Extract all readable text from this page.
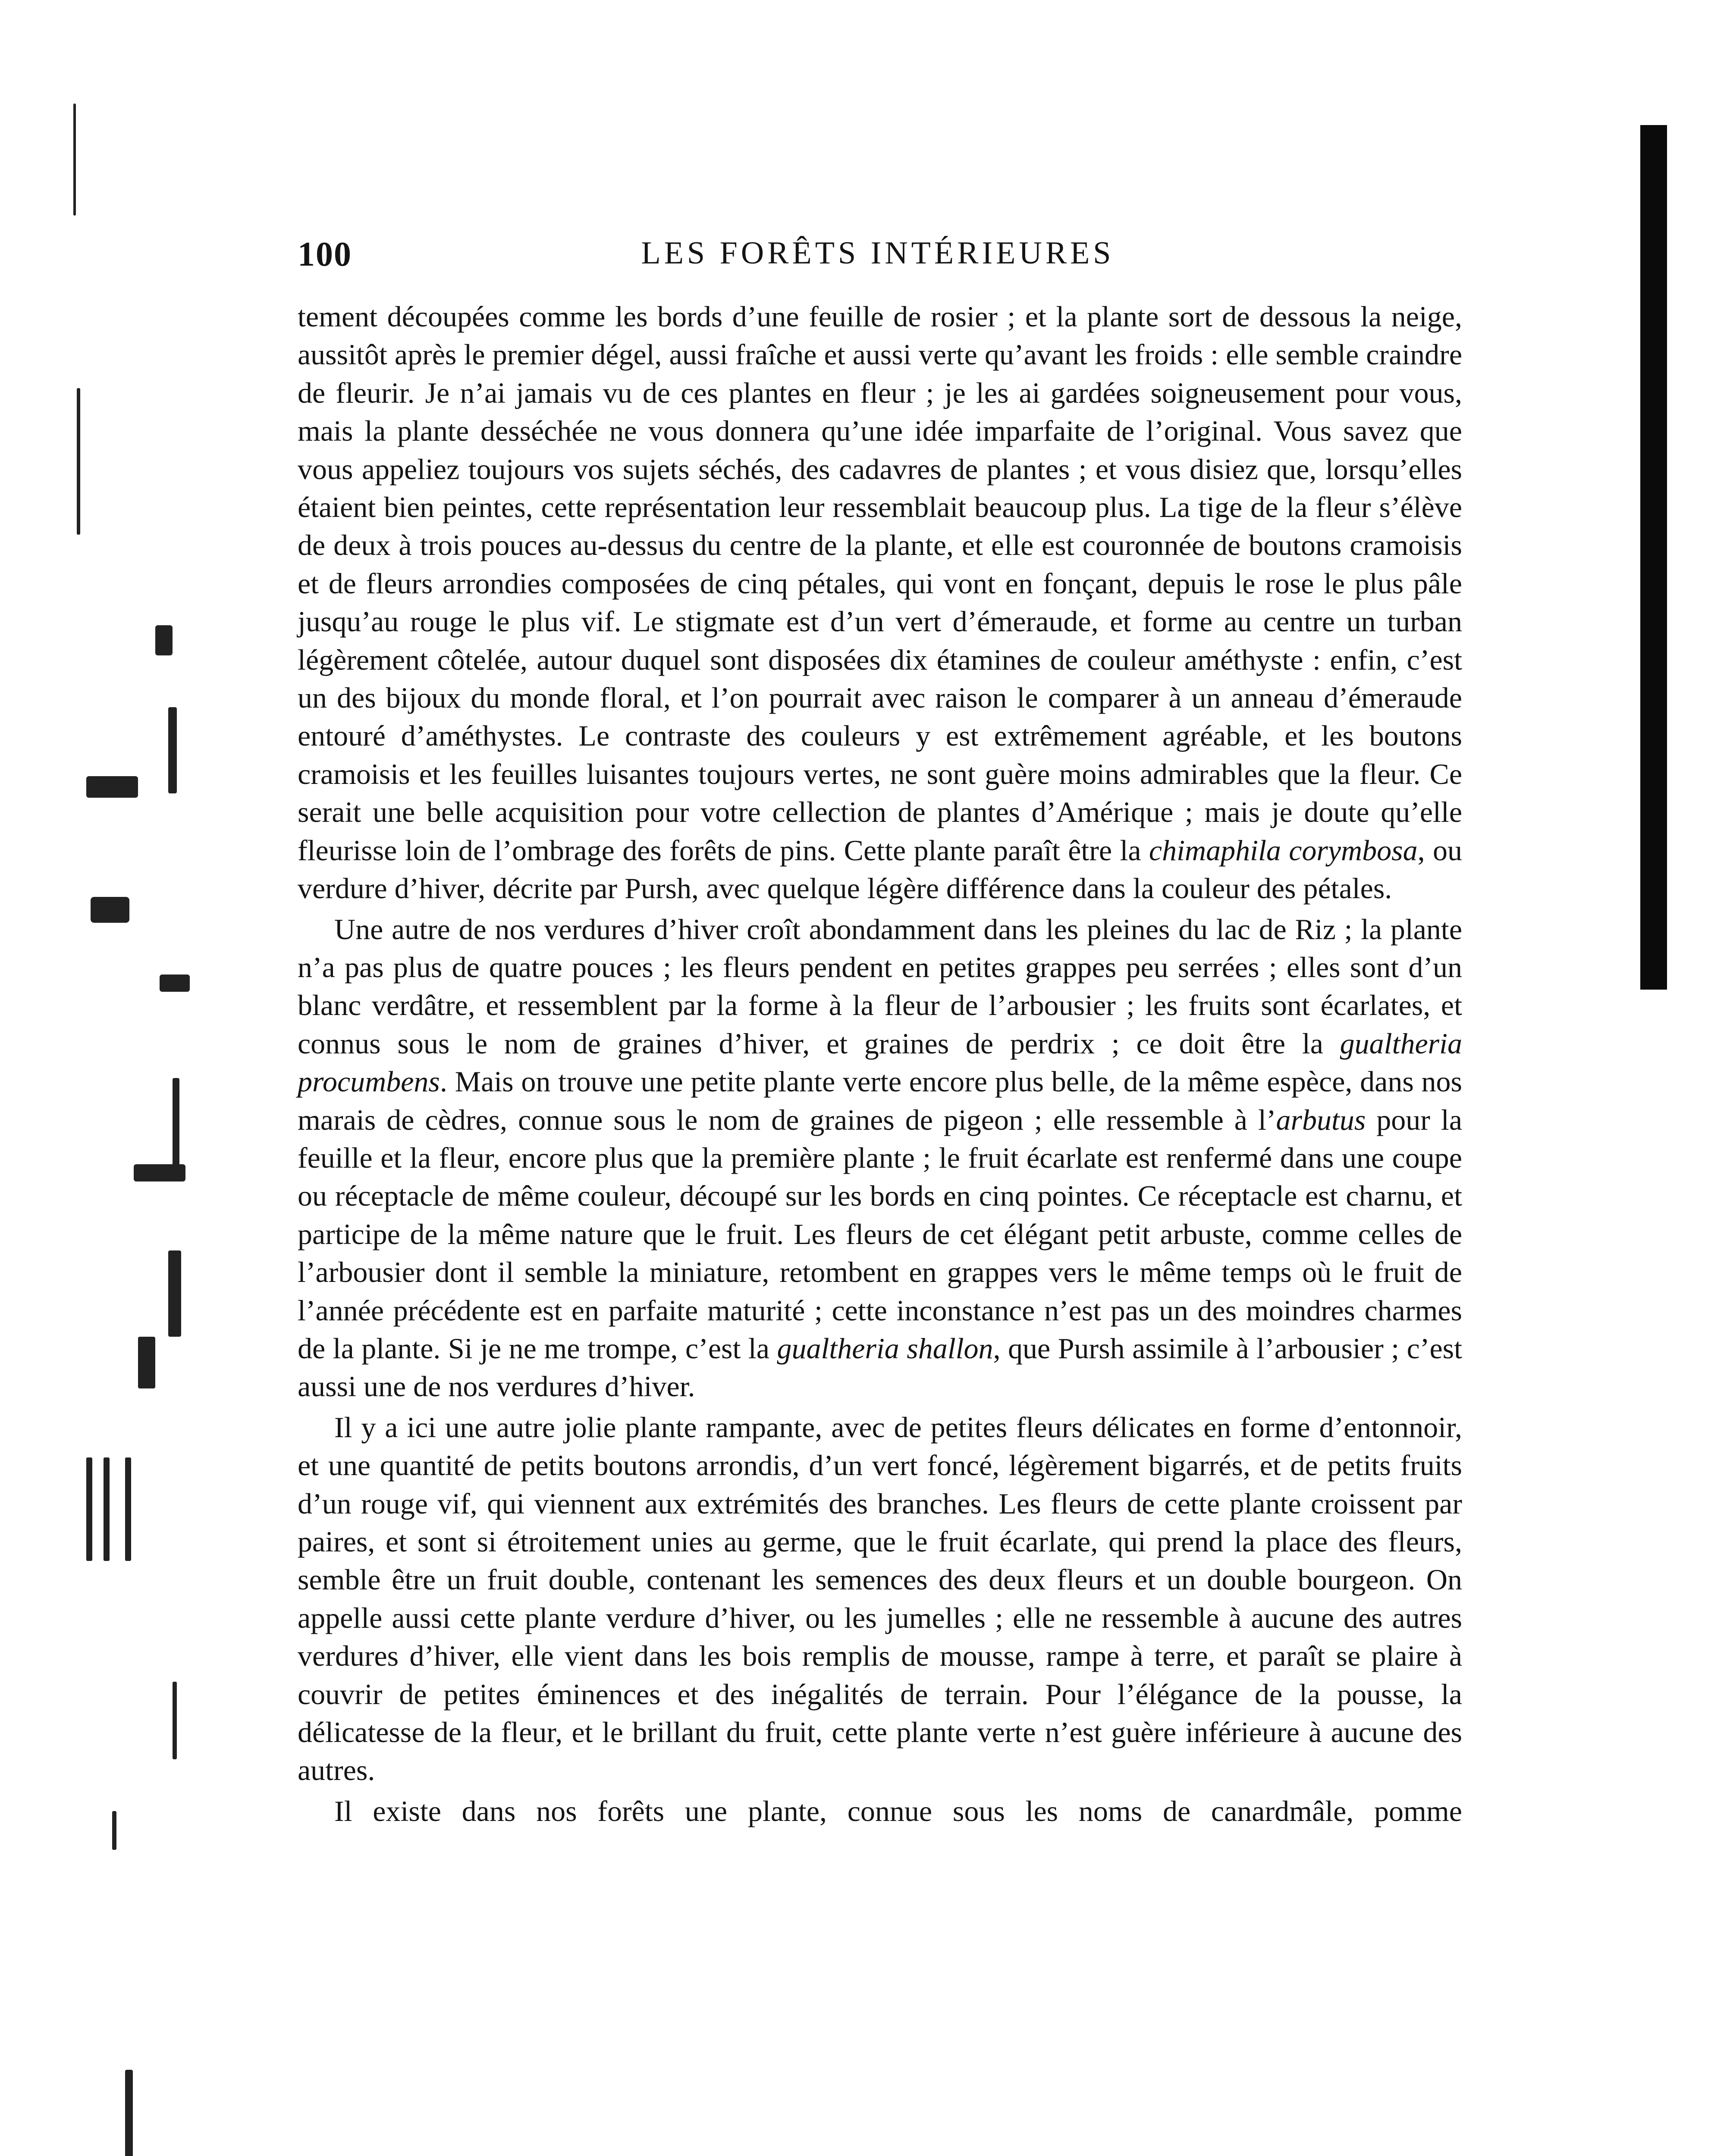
100	LES FORÊTS INTÉRIEURES

tement découpées comme les bords d’une feuille de rosier ; et la plante sort de dessous la neige, aussitôt après le premier dégel, aussi fraîche et aussi verte qu’avant les froids : elle semble craindre de fleurir. Je n’ai jamais vu de ces plantes en fleur ; je les ai gardées soigneusement pour vous, mais la plante desséchée ne vous donnera qu’une idée imparfaite de l’original. Vous savez que vous appeliez toujours vos sujets séchés, des cadavres de plantes ; et vous disiez que, lorsqu’elles étaient bien peintes, cette représentation leur ressemblait beaucoup plus. La tige de la fleur s’élève de deux à trois pouces au-dessus du centre de la plante, et elle est couronnée de boutons cramoisis et de fleurs arrondies composées de cinq pétales, qui vont en fonçant, depuis le rose le plus pâle jusqu’au rouge le plus vif. Le stigmate est d’un vert d’émeraude, et forme au centre un turban légèrement côtelée, autour duquel sont disposées dix étamines de couleur améthyste : enfin, c’est un des bijoux du monde floral, et l’on pourrait avec raison le comparer à un anneau d’émeraude entouré d’améthystes. Le contraste des couleurs y est extrêmement agréable, et les boutons cramoisis et les feuilles luisantes toujours vertes, ne sont guère moins admirables que la fleur. Ce serait une belle acquisition pour votre cellection de plantes d’Amérique ; mais je doute qu’elle fleurisse loin de l’ombrage des forêts de pins. Cette plante paraît être la chimaphila corymbosa, ou verdure d’hiver, décrite par Pursh, avec quelque légère différence dans la couleur des pétales.

Une autre de nos verdures d’hiver croît abondamment dans les pleines du lac de Riz ; la plante n’a pas plus de quatre pouces ; les fleurs pendent en petites grappes peu serrées ; elles sont d’un blanc verdâtre, et ressemblent par la forme à la fleur de l’arbousier ; les fruits sont écarlates, et connus sous le nom de graines d’hiver, et graines de perdrix ; ce doit être la gualtheria procumbens. Mais on trouve une petite plante verte encore plus belle, de la même espèce, dans nos marais de cèdres, connue sous le nom de graines de pigeon ; elle ressemble à l’arbutus pour la feuille et la fleur, encore plus que la première plante ; le fruit écarlate est renfermé dans une coupe ou réceptacle de même couleur, découpé sur les bords en cinq pointes. Ce réceptacle est charnu, et participe de la même nature que le fruit. Les fleurs de cet élégant petit arbuste, comme celles de l’arbousier dont il semble la miniature, retombent en grappes vers le même temps où le fruit de l’année précédente est en parfaite maturité ; cette inconstance n’est pas un des moindres charmes de la plante. Si je ne me trompe, c’est la gualtheria shallon, que Pursh assimile à l’arbousier ; c’est aussi une de nos verdures d’hiver.

Il y a ici une autre jolie plante rampante, avec de petites fleurs délicates en forme d’entonnoir, et une quantité de petits boutons arrondis, d’un vert foncé, légèrement bigarrés, et de petits fruits d’un rouge vif, qui viennent aux extrémités des branches. Les fleurs de cette plante croissent par paires, et sont si étroitement unies au germe, que le fruit écarlate, qui prend la place des fleurs, semble être un fruit double, contenant les semences des deux fleurs et un double bourgeon. On appelle aussi cette plante verdure d’hiver, ou les jumelles ; elle ne ressemble à aucune des autres verdures d’hiver, elle vient dans les bois remplis de mousse, rampe à terre, et paraît se plaire à couvrir de petites éminences et des inégalités de terrain. Pour l’élégance de la pousse, la délicatesse de la fleur, et le brillant du fruit, cette plante verte n’est guère inférieure à aucune des autres.

Il existe dans nos forêts une plante, connue sous les noms de canardmâle, pomme
